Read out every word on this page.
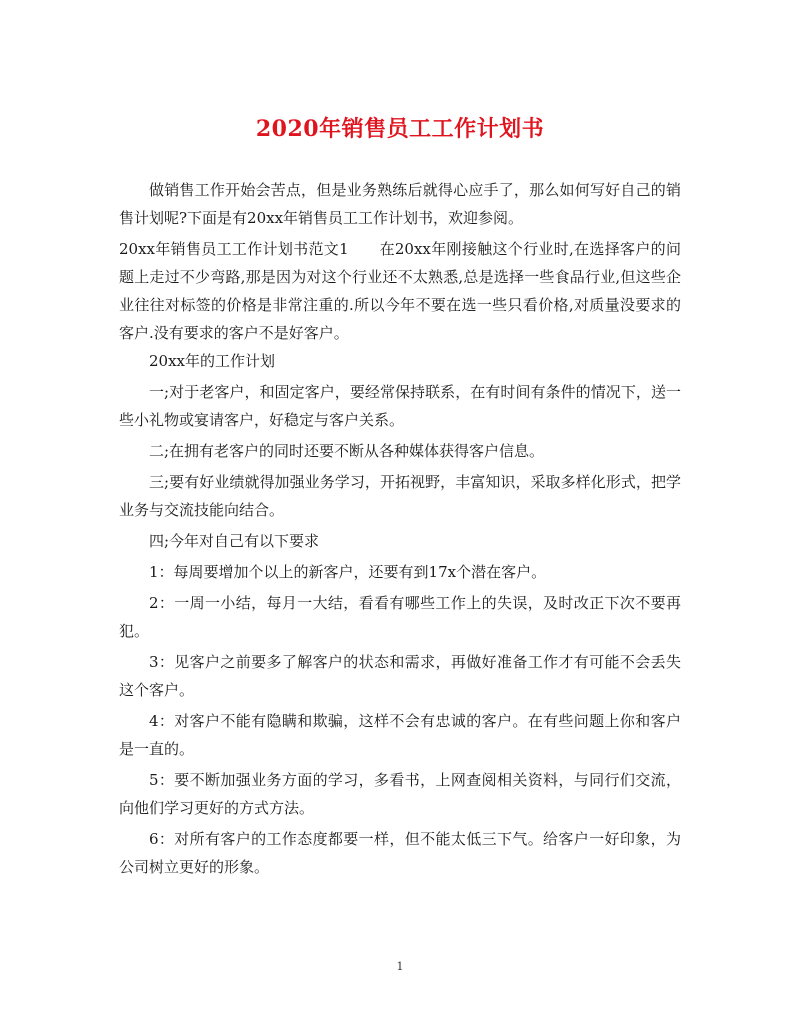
2020年销售员工工作计划书

做销售工作开始会苦点，但是业务熟练后就得心应手了，那么如何写好自己的销售计划呢?下面是有20xx年销售员工工作计划书，欢迎参阅。

20xx年销售员工工作计划书范文1　　在20xx年刚接触这个行业时,在选择客户的问题上走过不少弯路,那是因为对这个行业还不太熟悉,总是选择一些食品行业,但这些企业往往对标签的价格是非常注重的.所以今年不要在选一些只看价格,对质量没要求的客户.没有要求的客户不是好客户。

20xx年的工作计划

一;对于老客户，和固定客户，要经常保持联系，在有时间有条件的情况下，送一些小礼物或宴请客户，好稳定与客户关系。

二;在拥有老客户的同时还要不断从各种媒体获得客户信息。

三;要有好业绩就得加强业务学习，开拓视野，丰富知识，采取多样化形式，把学业务与交流技能向结合。

四;今年对自己有以下要求

1：每周要增加个以上的新客户，还要有到17x个潜在客户。

2：一周一小结，每月一大结，看看有哪些工作上的失误，及时改正下次不要再犯。

3：见客户之前要多了解客户的状态和需求，再做好准备工作才有可能不会丢失这个客户。

4：对客户不能有隐瞒和欺骗，这样不会有忠诚的客户。在有些问题上你和客户是一直的。

5：要不断加强业务方面的学习，多看书，上网查阅相关资料，与同行们交流，向他们学习更好的方式方法。

6：对所有客户的工作态度都要一样，但不能太低三下气。给客户一好印象，为公司树立更好的形象。

1
